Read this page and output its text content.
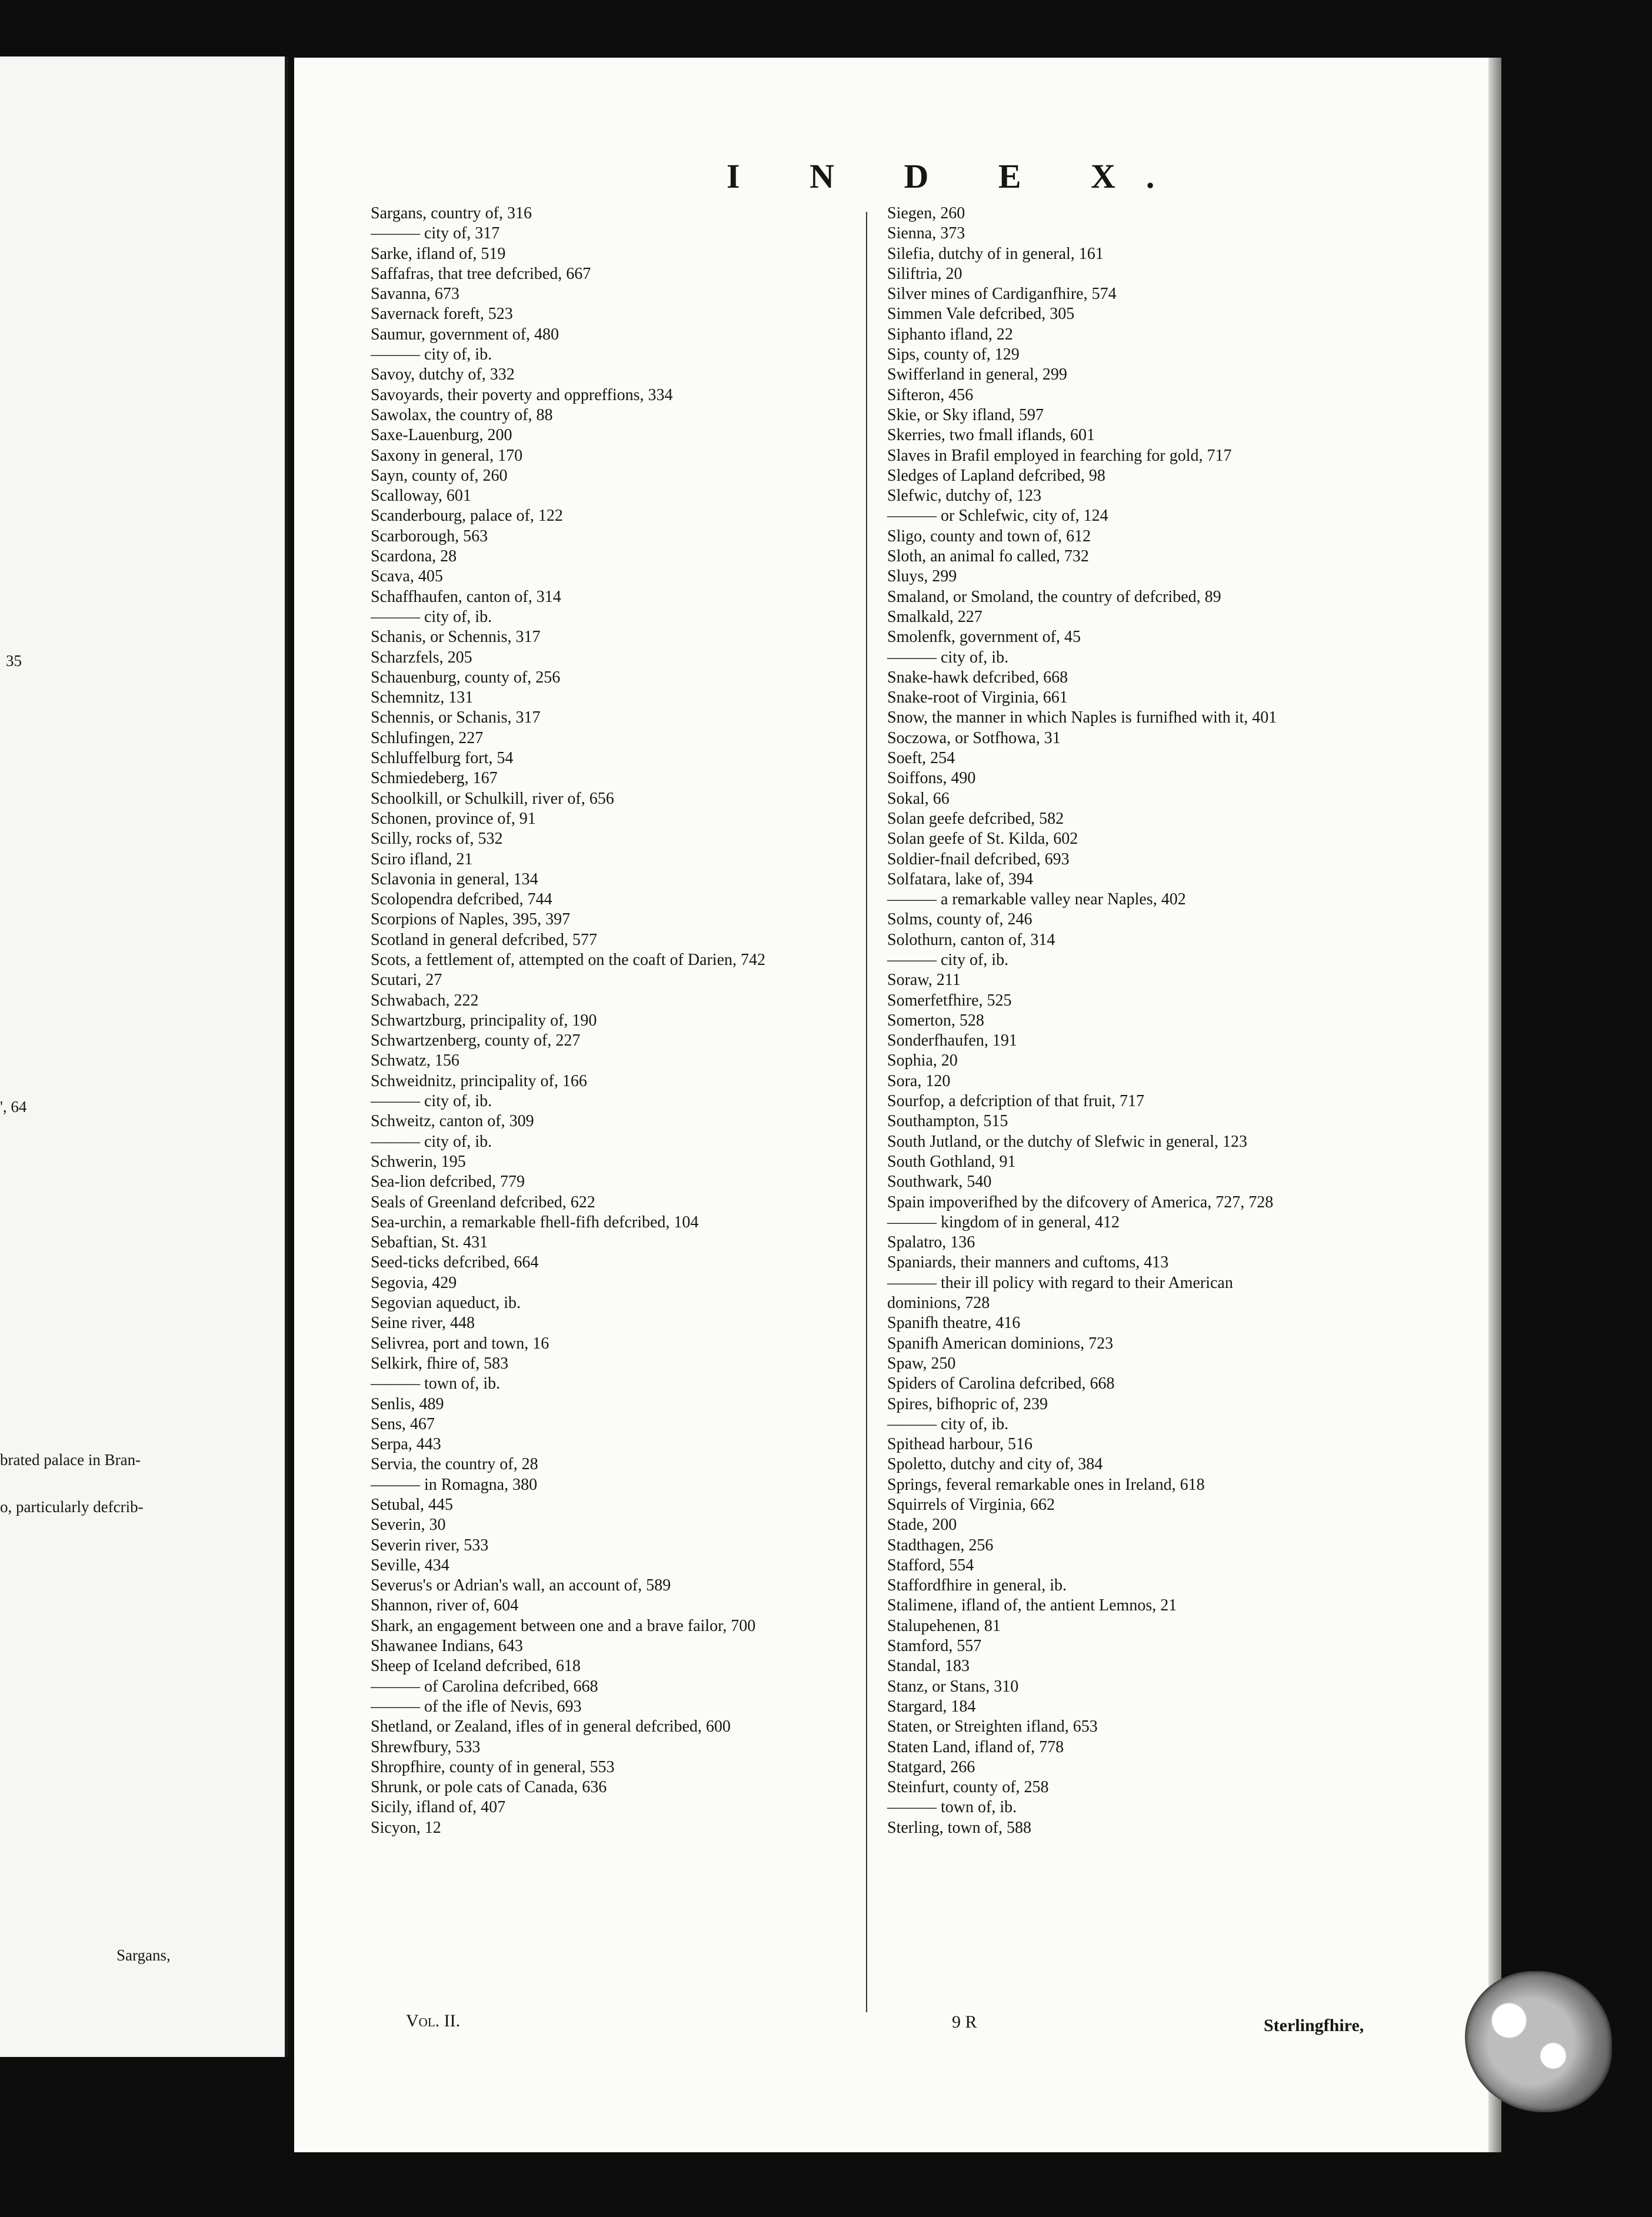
35
', 64
brated palace in Bran-
o, particularly defcrib-
Sargans,
I N D E X.
Sargans, country of, 316
——— city of, 317
Sarke, ifland of, 519
Saffafras, that tree defcribed, 667
Savanna, 673
Savernack foreft, 523
Saumur, government of, 480
——— city of, ib.
Savoy, dutchy of, 332
Savoyards, their poverty and oppreffions, 334
Sawolax, the country of, 88
Saxe-Lauenburg, 200
Saxony in general, 170
Sayn, county of, 260
Scalloway, 601
Scanderbourg, palace of, 122
Scarborough, 563
Scardona, 28
Scava, 405
Schaffhaufen, canton of, 314
——— city of, ib.
Schanis, or Schennis, 317
Scharzfels, 205
Schauenburg, county of, 256
Schemnitz, 131
Schennis, or Schanis, 317
Schlufingen, 227
Schluffelburg fort, 54
Schmiedeberg, 167
Schoolkill, or Schulkill, river of, 656
Schonen, province of, 91
Scilly, rocks of, 532
Sciro ifland, 21
Sclavonia in general, 134
Scolopendra defcribed, 744
Scorpions of Naples, 395, 397
Scotland in general defcribed, 577
Scots, a fettlement of, attempted on the coaft of Darien, 742
Scutari, 27
Schwabach, 222
Schwartzburg, principality of, 190
Schwartzenberg, county of, 227
Schwatz, 156
Schweidnitz, principality of, 166
——— city of, ib.
Schweitz, canton of, 309
——— city of, ib.
Schwerin, 195
Sea-lion defcribed, 779
Seals of Greenland defcribed, 622
Sea-urchin, a remarkable fhell-fifh defcribed, 104
Sebaftian, St. 431
Seed-ticks defcribed, 664
Segovia, 429
Segovian aqueduct, ib.
Seine river, 448
Selivrea, port and town, 16
Selkirk, fhire of, 583
——— town of, ib.
Senlis, 489
Sens, 467
Serpa, 443
Servia, the country of, 28
——— in Romagna, 380
Setubal, 445
Severin, 30
Severin river, 533
Seville, 434
Severus's or Adrian's wall, an account of, 589
Shannon, river of, 604
Shark, an engagement between one and a brave failor, 700
Shawanee Indians, 643
Sheep of Iceland defcribed, 618
——— of Carolina defcribed, 668
——— of the ifle of Nevis, 693
Shetland, or Zealand, ifles of in general defcribed, 600
Shrewfbury, 533
Shropfhire, county of in general, 553
Shrunk, or pole cats of Canada, 636
Sicily, ifland of, 407
Sicyon, 12
Siegen, 260
Sienna, 373
Silefia, dutchy of in general, 161
Siliftria, 20
Silver mines of Cardiganfhire, 574
Simmen Vale defcribed, 305
Siphanto ifland, 22
Sips, county of, 129
Swifferland in general, 299
Sifteron, 456
Skie, or Sky ifland, 597
Skerries, two fmall iflands, 601
Slaves in Brafil employed in fearching for gold, 717
Sledges of Lapland defcribed, 98
Slefwic, dutchy of, 123
——— or Schlefwic, city of, 124
Sligo, county and town of, 612
Sloth, an animal fo called, 732
Sluys, 299
Smaland, or Smoland, the country of defcribed, 89
Smalkald, 227
Smolenfk, government of, 45
——— city of, ib.
Snake-hawk defcribed, 668
Snake-root of Virginia, 661
Snow, the manner in which Naples is furnifhed with it, 401
Soczowa, or Sotfhowa, 31
Soeft, 254
Soiffons, 490
Sokal, 66
Solan geefe defcribed, 582
Solan geefe of St. Kilda, 602
Soldier-fnail defcribed, 693
Solfatara, lake of, 394
——— a remarkable valley near Naples, 402
Solms, county of, 246
Solothurn, canton of, 314
——— city of, ib.
Soraw, 211
Somerfetfhire, 525
Somerton, 528
Sonderfhaufen, 191
Sophia, 20
Sora, 120
Sourfop, a defcription of that fruit, 717
Southampton, 515
South Jutland, or the dutchy of Slefwic in general, 123
South Gothland, 91
Southwark, 540
Spain impoverifhed by the difcovery of America, 727, 728
——— kingdom of in general, 412
Spalatro, 136
Spaniards, their manners and cuftoms, 413
——— their ill policy with regard to their American
dominions, 728
Spanifh theatre, 416
Spanifh American dominions, 723
Spaw, 250
Spiders of Carolina defcribed, 668
Spires, bifhopric of, 239
——— city of, ib.
Spithead harbour, 516
Spoletto, dutchy and city of, 384
Springs, feveral remarkable ones in Ireland, 618
Squirrels of Virginia, 662
Stade, 200
Stadthagen, 256
Stafford, 554
Staffordfhire in general, ib.
Stalimene, ifland of, the antient Lemnos, 21
Stalupehenen, 81
Stamford, 557
Standal, 183
Stanz, or Stans, 310
Stargard, 184
Staten, or Streighten ifland, 653
Staten Land, ifland of, 778
Statgard, 266
Steinfurt, county of, 258
——— town of, ib.
Sterling, town of, 588
Vol. II.	9 R	Sterlingfhire,
